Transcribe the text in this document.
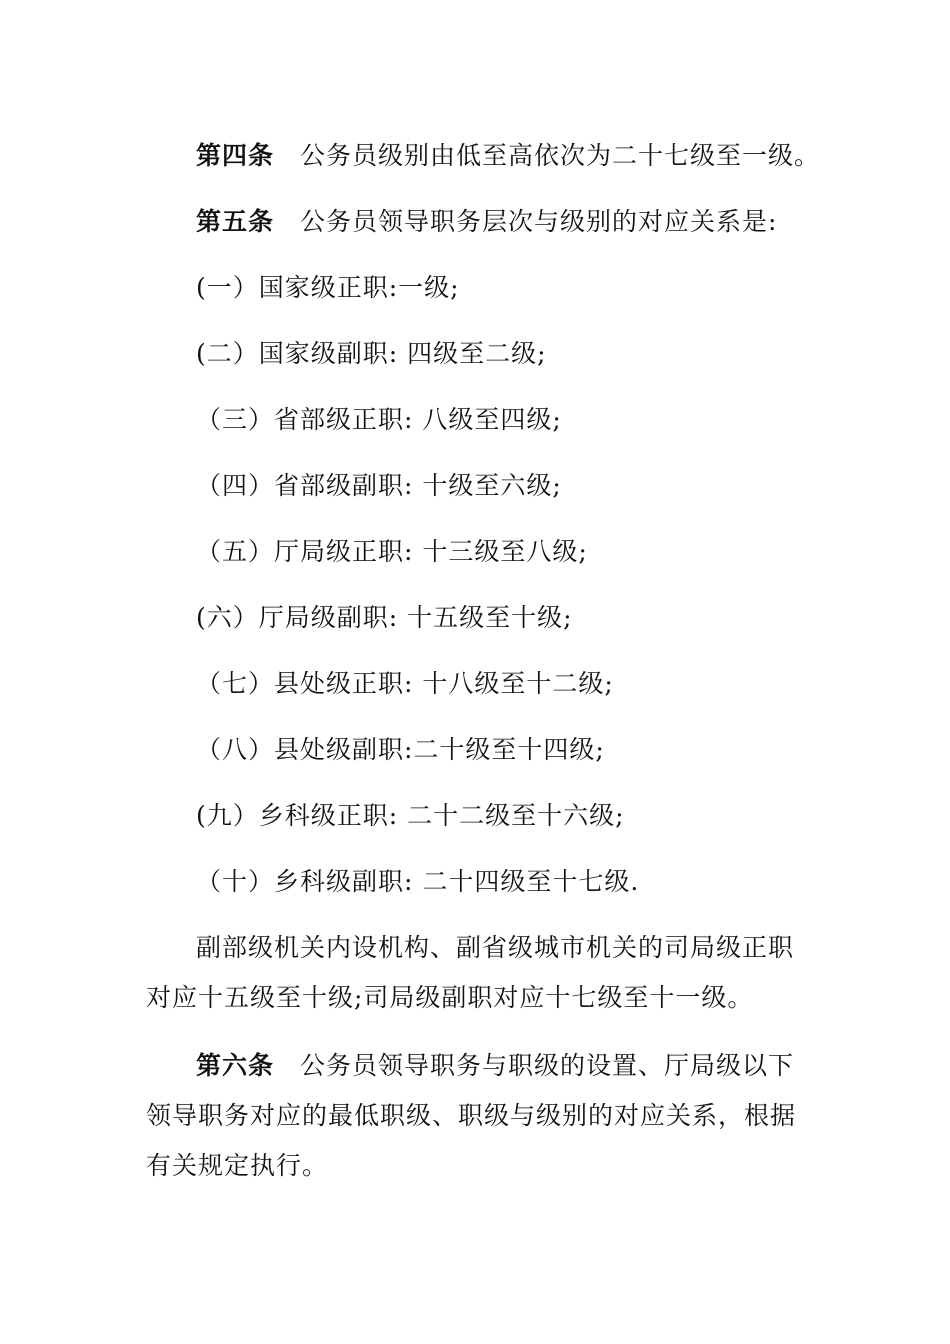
第四条 公务员级别由低至高依次为二十七级至一级。
第五条 公务员领导职务层次与级别的对应关系是:
(一）国家级正职:一级;
(二）国家级副职: 四级至二级;
（三）省部级正职: 八级至四级;
（四）省部级副职: 十级至六级;
（五）厅局级正职: 十三级至八级;
(六）厅局级副职: 十五级至十级;
（七）县处级正职: 十八级至十二级;
（八）县处级副职:二十级至十四级;
(九）乡科级正职: 二十二级至十六级;
（十）乡科级副职: 二十四级至十七级.
副部级机关内设机构、副省级城市机关的司局级正职对应十五级至十级;司局级副职对应十七级至十一级。
第六条 公务员领导职务与职级的设置、厅局级以下领导职务对应的最低职级、职级与级别的对应关系，根据有关规定执行。
